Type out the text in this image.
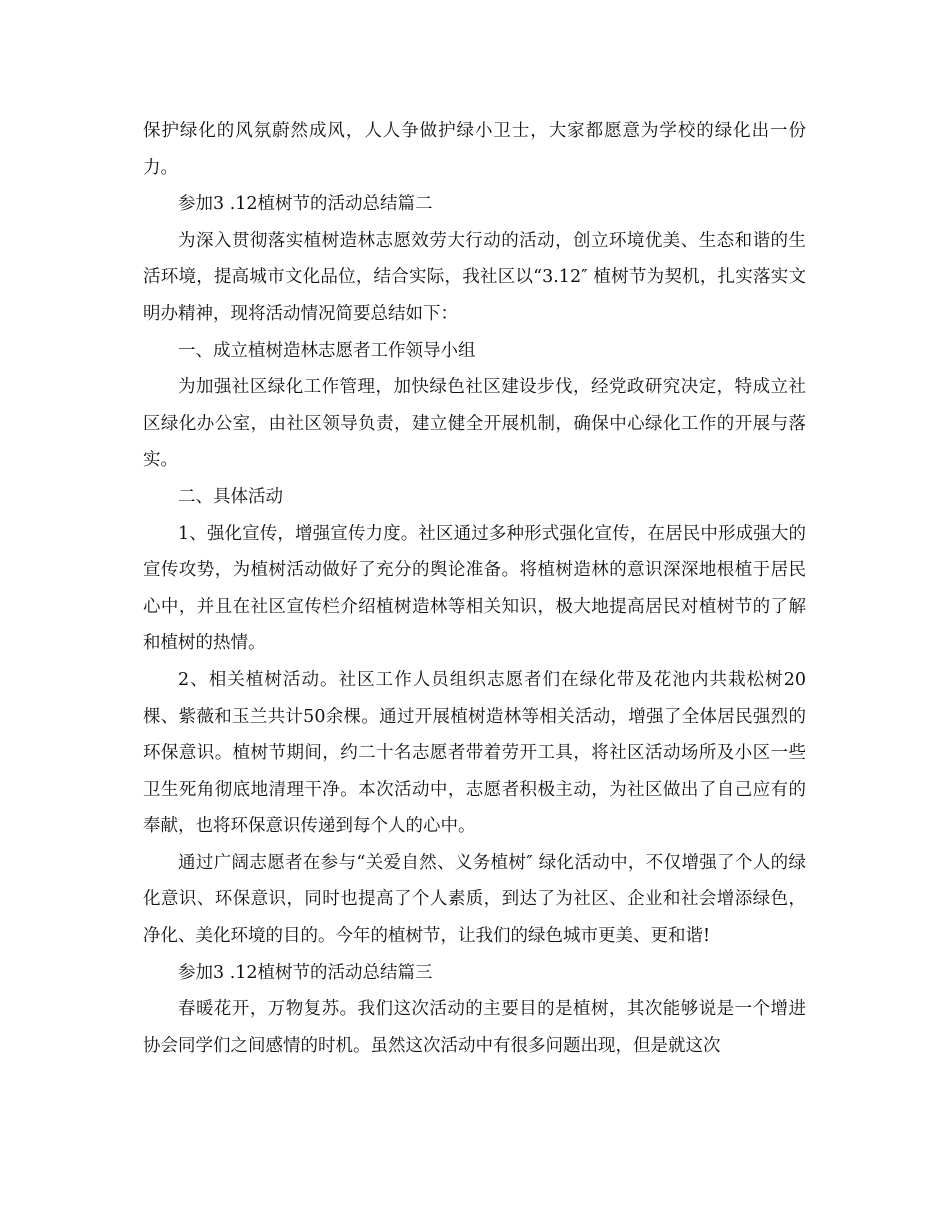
保护绿化的风氛蔚然成风，人人争做护绿小卫士，大家都愿意为学校的绿化出一份力。

参加3 .12植树节的活动总结篇二

为深入贯彻落实植树造林志愿效劳大行动的活动，创立环境优美、生态和谐的生活环境，提高城市文化品位，结合实际，我社区以“3.12″ 植树节为契机，扎实落实文明办精神，现将活动情况简要总结如下：

一、成立植树造林志愿者工作领导小组

为加强社区绿化工作管理，加快绿色社区建设步伐，经党政研究决定，特成立社区绿化办公室，由社区领导负责，建立健全开展机制，确保中心绿化工作的开展与落实。

二、具体活动

1、强化宣传，增强宣传力度。社区通过多种形式强化宣传，在居民中形成强大的宣传攻势，为植树活动做好了充分的舆论准备。将植树造林的意识深深地根植于居民心中，并且在社区宣传栏介绍植树造林等相关知识，极大地提高居民对植树节的了解和植树的热情。

2、相关植树活动。社区工作人员组织志愿者们在绿化带及花池内共栽松树20棵、紫薇和玉兰共计50余棵。通过开展植树造林等相关活动，增强了全体居民强烈的环保意识。植树节期间，约二十名志愿者带着劳开工具，将社区活动场所及小区一些卫生死角彻底地清理干净。本次活动中，志愿者积极主动，为社区做出了自己应有的奉献，也将环保意识传递到每个人的心中。

通过广阔志愿者在参与“关爱自然、义务植树″ 绿化活动中，不仅增强了个人的绿化意识、环保意识，同时也提高了个人素质，到达了为社区、企业和社会增添绿色，净化、美化环境的目的。今年的植树节，让我们的绿色城市更美、更和谐!

参加3 .12植树节的活动总结篇三

春暖花开，万物复苏。我们这次活动的主要目的是植树，其次能够说是一个增进协会同学们之间感情的时机。虽然这次活动中有很多问题出现，但是就这次
